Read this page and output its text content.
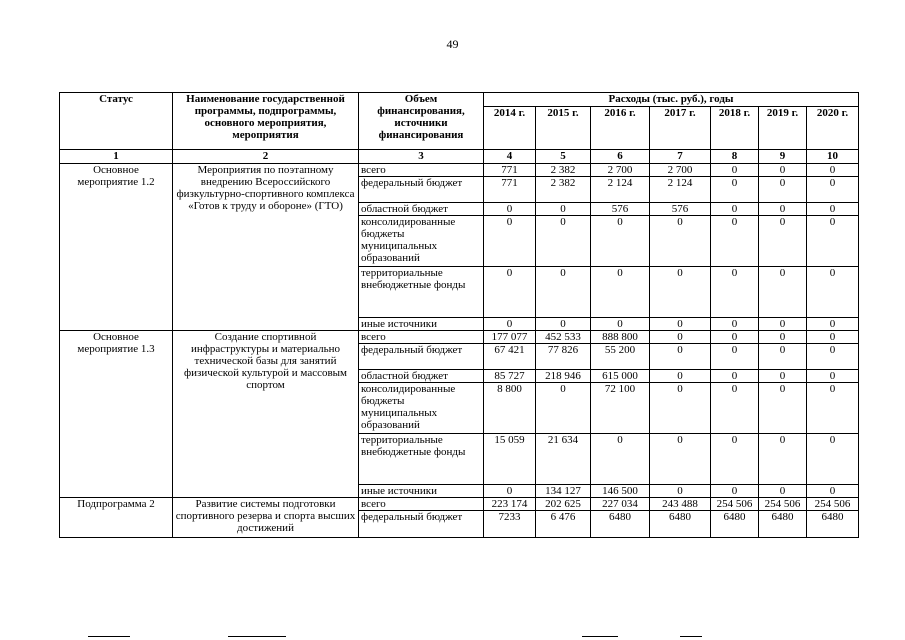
49
Статус	Наименование государственной программы, подпрограммы, основного мероприятия, мероприятия	Объем финансирования, источники финансирования	Расходы (тыс. руб.), годы						
			2014 г.	2015 г.	2016 г.	2017 г.	2018 г.	2019 г.	2020 г.
1	2	3	4	5	6	7	8	9	10
Основное мероприятие 1.2	Мероприятия по поэтапному внедрению Всероссийского физкультурно-спортивного комплекса «Готов к труду и обороне» (ГТО)	всего	771	2 382	2 700	2 700	0	0	0
		федеральный бюджет	771	2 382	2 124	2 124	0	0	0
		областной бюджет	0	0	576	576	0	0	0
		консолидированные бюджеты муниципальных образований	0	0	0	0	0	0	0
		территориальные внебюджетные фонды	0	0	0	0	0	0	0
		иные источники	0	0	0	0	0	0	0
Основное мероприятие 1.3	Создание спортивной инфраструктуры и материально технической базы для занятий физической культурой и массовым спортом	всего	177 077	452 533	888 800	0	0	0	0
		федеральный бюджет	67 421	77 826	55 200	0	0	0	0
		областной бюджет	85 727	218 946	615 000	0	0	0	0
		консолидированные бюджеты муниципальных образований	8 800	0	72 100	0	0	0	0
		территориальные внебюджетные фонды	15 059	21 634	0	0	0	0	0
		иные источники	0	134 127	146 500	0	0	0	0
Подпрограмма 2	Развитие системы подготовки спортивного резерва и спорта высших достижений	всего	223 174	202 625	227 034	243 488	254 506	254 506	254 506
		федеральный бюджет	7233	6 476	6480	6480	6480	6480	6480
